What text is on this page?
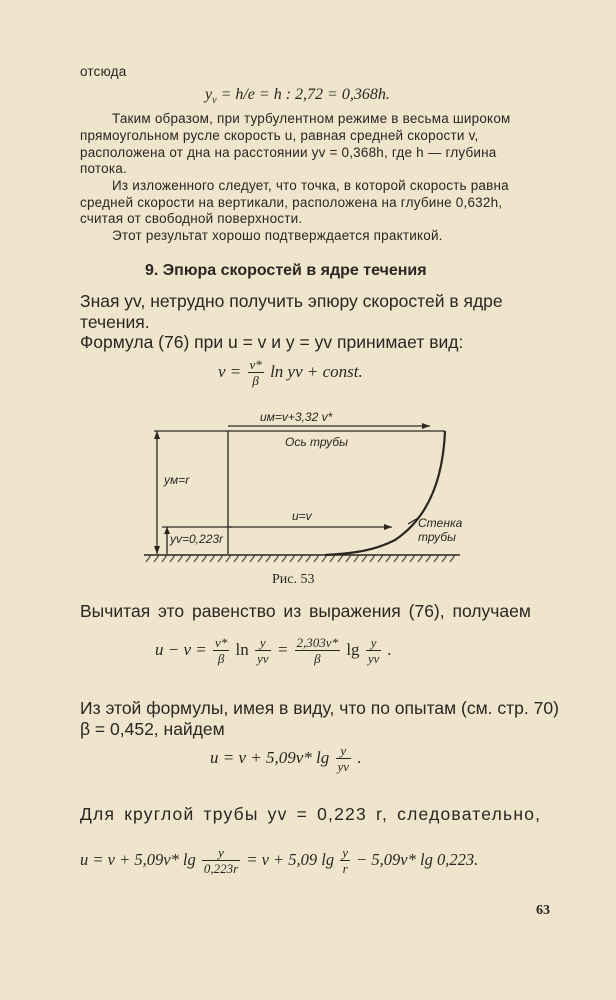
отсюда
$y_v = h/e = h$ : 2,72 = 0,368h.
Таким образом, при турбулентном режиме в весьма широком
прямоугольном русле скорость u, равная средней скорости v,
расположена от дна на расстоянии yv = 0,368h, где h — глубина
потока.
Из изложенного следует, что точка, в которой скорость равна
средней скорости на вертикали, расположена на глубине 0,632h,
считая от свободной поверхности.
Этот результат хорошо подтверждается практикой.
9. Эпюра скоростей в ядре течения
Зная yv, нетрудно получить эпюру скоростей в ядре
течения.
Формула (76) при u = v и y = yv принимает вид:
$v = \frac{v*}{\beta}$ ln yv + const.
uм=v+3,32 v*
Ось трубы
yм=r
u=v	Стенка
трубы
yv=0,223r
Рис. 53
Вычитая это равенство из выражения (76), получаем
$u - v = \frac{v*}{\beta}$ $\ln \frac{y}{yv} = \frac{2,303v*}{\beta}$ $\lg \frac{y}{yv}$ .
Из этой формулы, имея в виду, что по опытам (см. стр. 70)
β = 0,452, найдем
u = v + 5,09v* $\lg \frac{y}{yv}$ .
Для круглой трубы yv = 0,223 r, следовательно,
u = v + 5,09v* $\lg \frac{y}{0,223r} = v + 5,09$ $\lg \frac{y}{r} - 5,09v*$ lg 0,223.
63
